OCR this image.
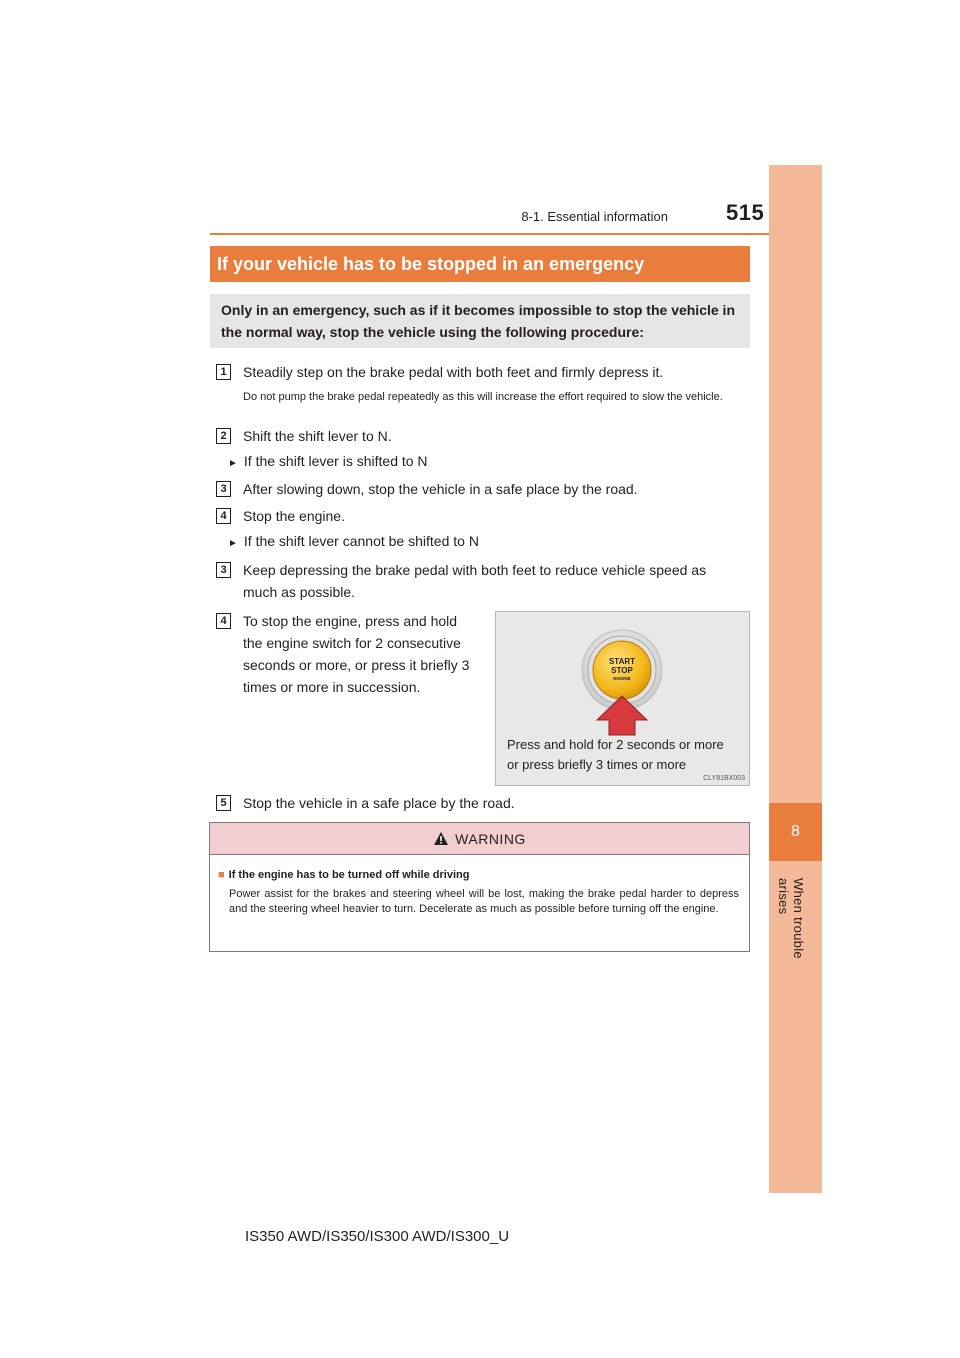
8-1. Essential information	515
8
When trouble arises
If your vehicle has to be stopped in an emergency
Only in an emergency, such as if it becomes impossible to stop the vehicle in the normal way, stop the vehicle using the following procedure:
1	Steadily step on the brake pedal with both feet and firmly depress it.
Do not pump the brake pedal repeatedly as this will increase the effort required to slow the vehicle.
2	Shift the shift lever to N.
► If the shift lever is shifted to N
3	After slowing down, stop the vehicle in a safe place by the road.
4	Stop the engine.
► If the shift lever cannot be shifted to N
3	Keep depressing the brake pedal with both feet to reduce vehicle speed as
much as possible.
4	To stop the engine, press and hold
the engine switch for 2 consecutive
seconds or more, or press it briefly 3
times or more in succession.
START
STOP
ENGINE
Press and hold for 2 seconds or more
or press briefly 3 times or more
CLY81BX003
5	Stop the vehicle in a safe place by the road.
WARNING
■ If the engine has to be turned off while driving
Power assist for the brakes and steering wheel will be lost, making the brake pedal harder to depress and the steering wheel heavier to turn. Decelerate as much as possible before turning off the engine.
IS350 AWD/IS350/IS300 AWD/IS300_U
